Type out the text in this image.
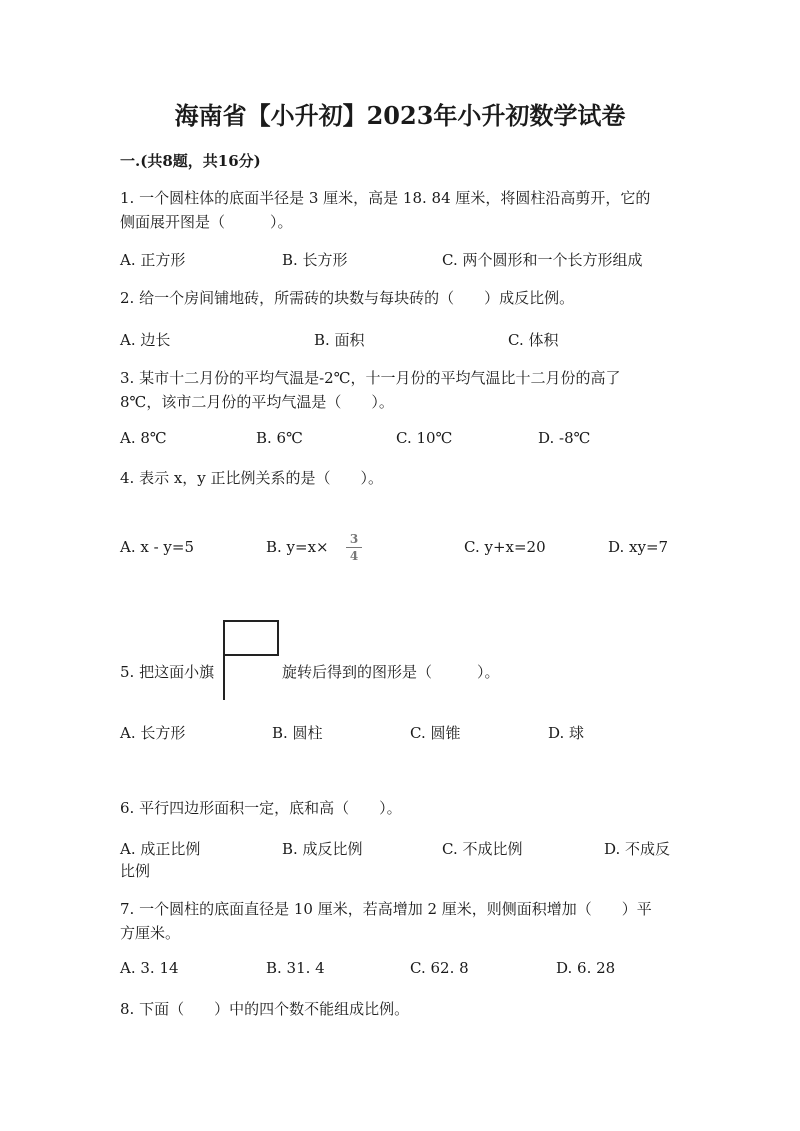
海南省【小升初】2023年小升初数学试卷
一.(共8题，共16分)
1. 一个圆柱体的底面半径是 3 厘米，高是 18. 84 厘米，将圆柱沿高剪开，它的
侧面展开图是（　　　）。
A. 正方形	B. 长方形	C. 两个圆形和一个长方形组成
2. 给一个房间铺地砖，所需砖的块数与每块砖的（　　）成反比例。
A. 边长	B. 面积	C. 体积
3. 某市十二月份的平均气温是-2℃，十一月份的平均气温比十二月份的高了
8℃，该市二月份的平均气温是（　　）。
A. 8℃	B. 6℃	C. 10℃	D. -8℃
4. 表示 x，y 正比例关系的是（　　）。
A. x - y=5	B. y=x×	3
4	C. y+x=20	D. xy=7
5. 把这面小旗	旋转后得到的图形是（　　　）。
A. 长方形	B. 圆柱	C. 圆锥	D. 球
6. 平行四边形面积一定，底和高（　　）。
A. 成正比例	B. 成反比例	C. 不成比例	D. 不成反
比例
7. 一个圆柱的底面直径是 10 厘米，若高增加 2 厘米，则侧面积增加（　　）平
方厘米。
A. 3. 14	B. 31. 4	C. 62. 8	D. 6. 28
8. 下面（　　）中的四个数不能组成比例。
